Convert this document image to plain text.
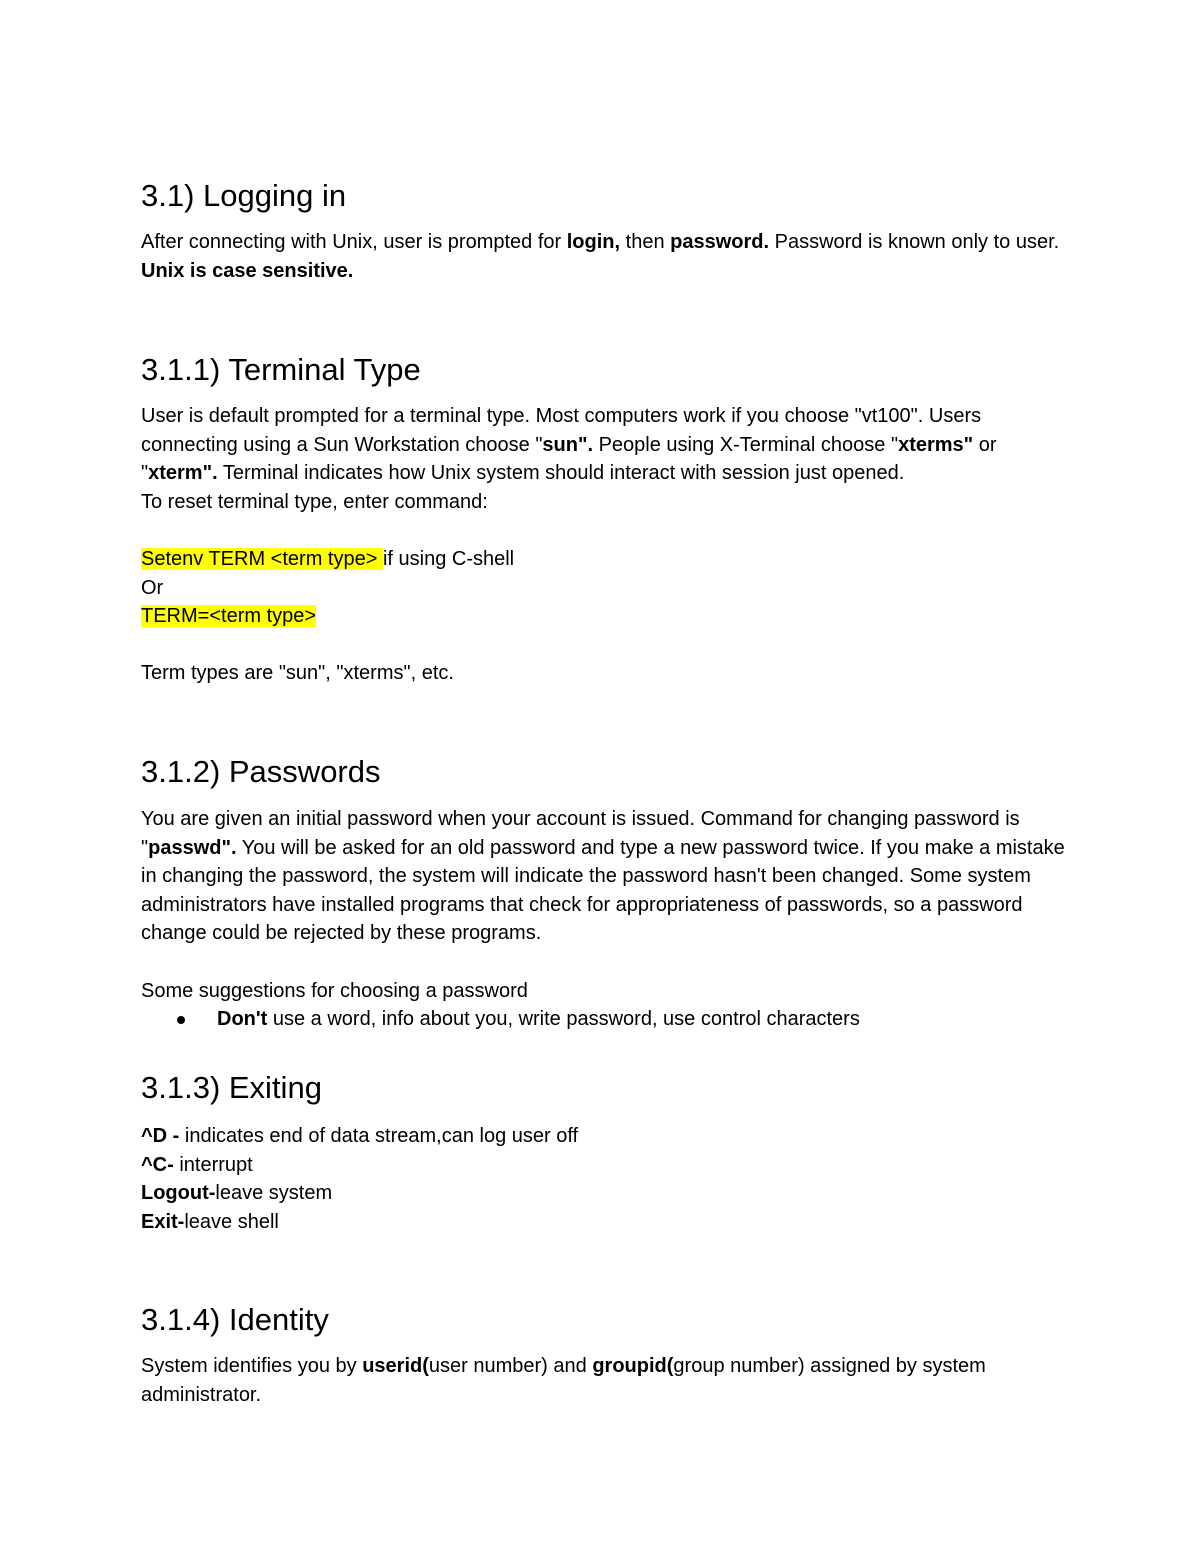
3.1) Logging in

After connecting with Unix, user is prompted for login, then password. Password is known only to user. Unix is case sensitive.

3.1.1) Terminal Type

User is default prompted for a terminal type. Most computers work if you choose "vt100". Users connecting using a Sun Workstation choose "sun". People using X-Terminal choose "xterms" or "xterm". Terminal indicates how Unix system should interact with session just opened.
To reset terminal type, enter command:

Setenv TERM <term type> if using C-shell
Or
TERM=<term type>

Term types are "sun", "xterms", etc.

3.1.2) Passwords

You are given an initial password when your account is issued. Command for changing password is "passwd". You will be asked for an old password and type a new password twice. If you make a mistake in changing the password, the system will indicate the password hasn't been changed. Some system administrators have installed programs that check for appropriateness of passwords, so a password change could be rejected by these programs.

Some suggestions for choosing a password

Don't use a word, info about you, write password, use control characters
3.1.3) Exiting

^D - indicates end of data stream,can log user off
^C- interrupt
Logout-leave system
Exit-leave shell

3.1.4) Identity

System identifies you by userid(user number) and groupid(group number) assigned by system administrator.
